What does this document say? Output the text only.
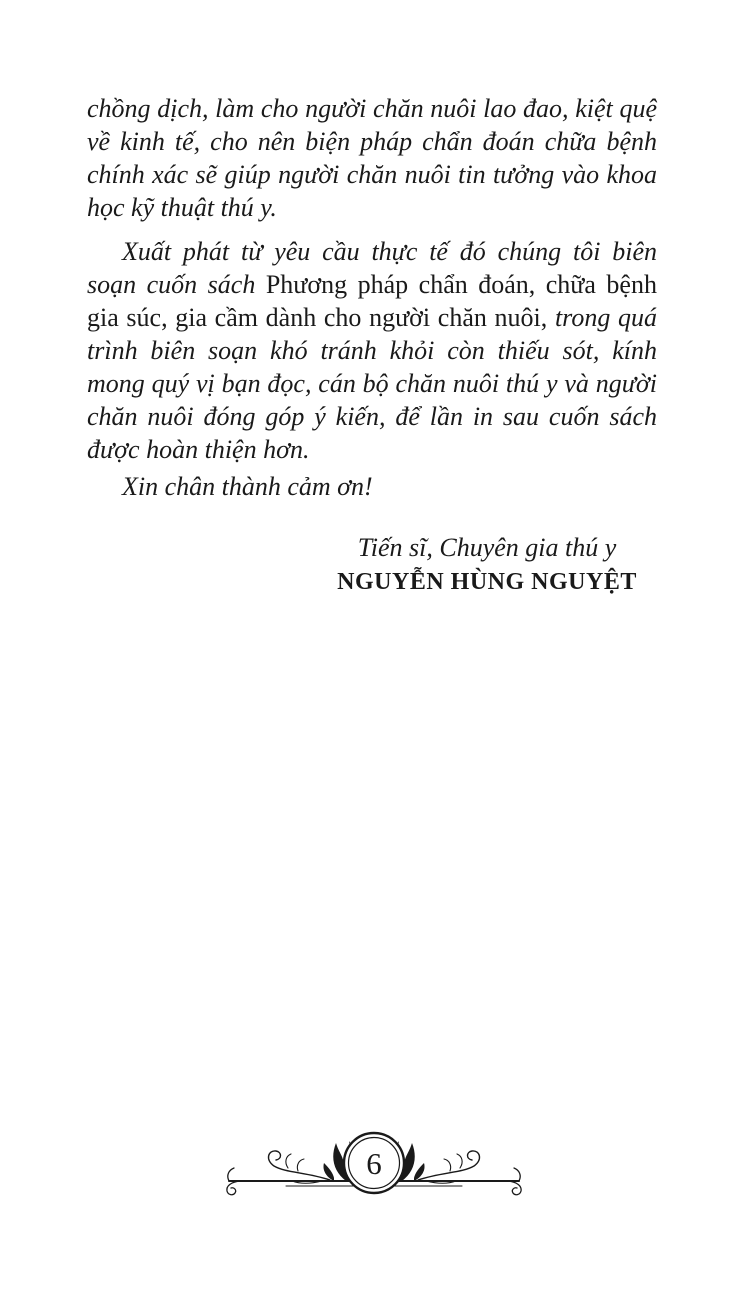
chồng dịch, làm cho người chăn nuôi lao đao, kiệt quệ về kinh tế, cho nên biện pháp chẩn đoán chữa bệnh chính xác sẽ giúp người chăn nuôi tin tưởng vào khoa học kỹ thuật thú y.

Xuất phát từ yêu cầu thực tế đó chúng tôi biên soạn cuốn sách Phương pháp chẩn đoán, chữa bệnh gia súc, gia cầm dành cho người chăn nuôi, trong quá trình biên soạn khó tránh khỏi còn thiếu sót, kính mong quý vị bạn đọc, cán bộ chăn nuôi thú y và người chăn nuôi đóng góp ý kiến, để lần in sau cuốn sách được hoàn thiện hơn.

Xin chân thành cảm ơn!

Tiến sĩ, Chuyên gia thú y
NGUYỄN HÙNG NGUYỆT
6
